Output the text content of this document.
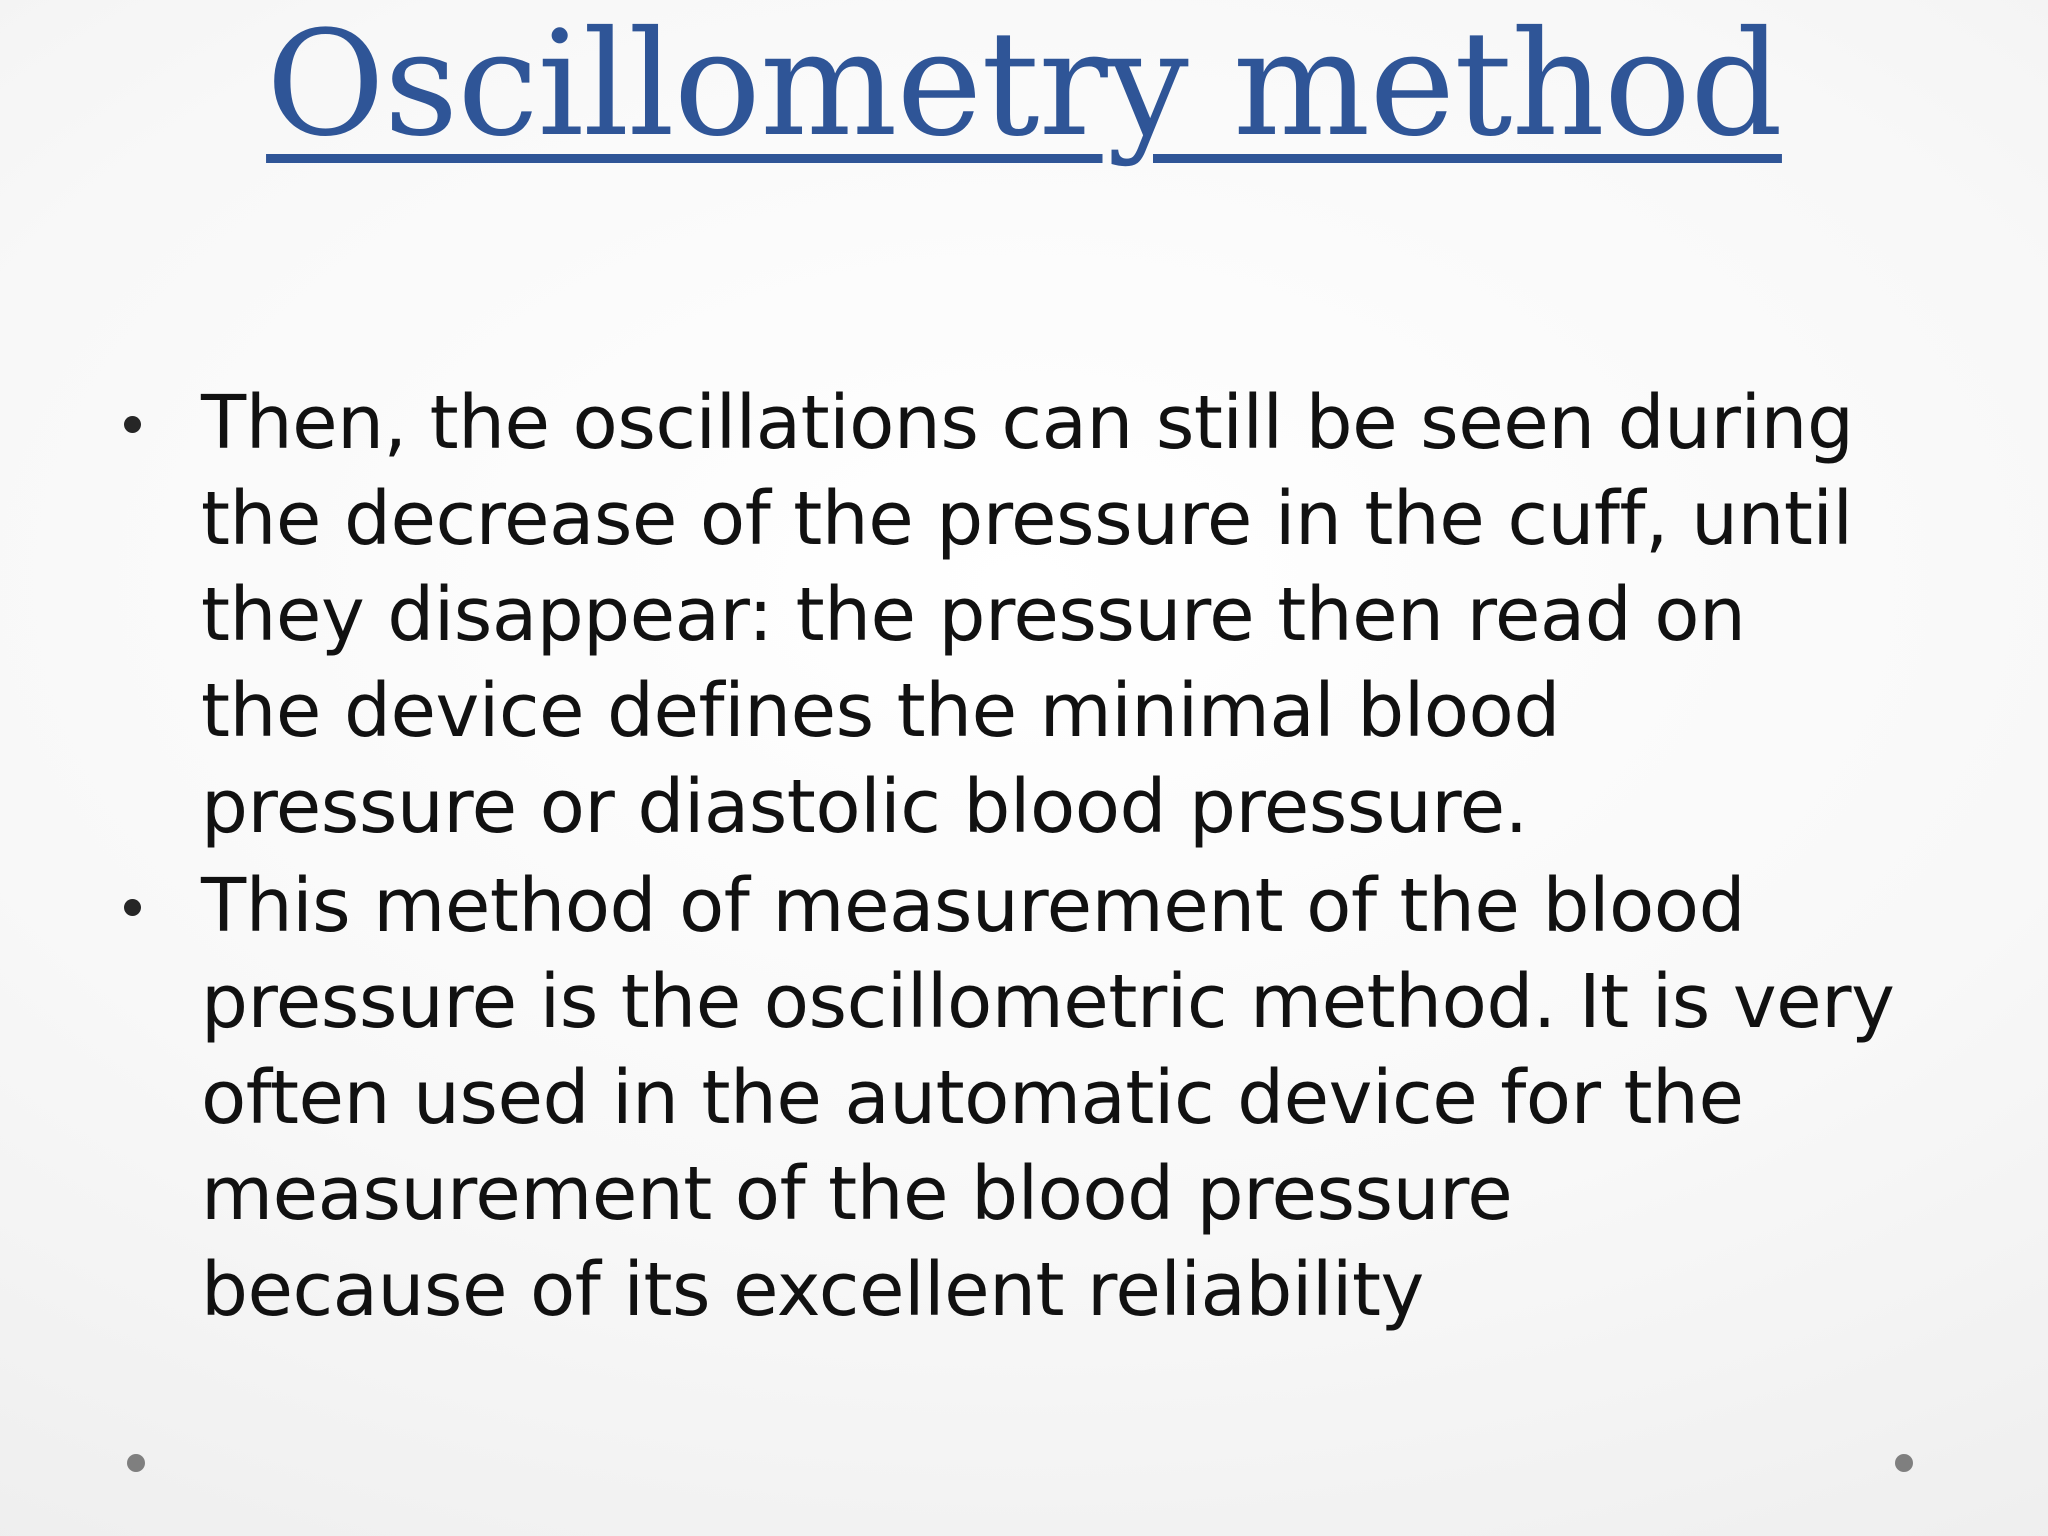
Oscillometry method
Then, the oscillations can still be seen during
the decrease of the pressure in the cuff, until
they disappear: the pressure then read on
the device defines the minimal blood
pressure or diastolic blood pressure.
This method of measurement of the blood
pressure is the oscillometric method. It is very
often used in the automatic device for the
measurement of the blood pressure
because of its excellent reliability
